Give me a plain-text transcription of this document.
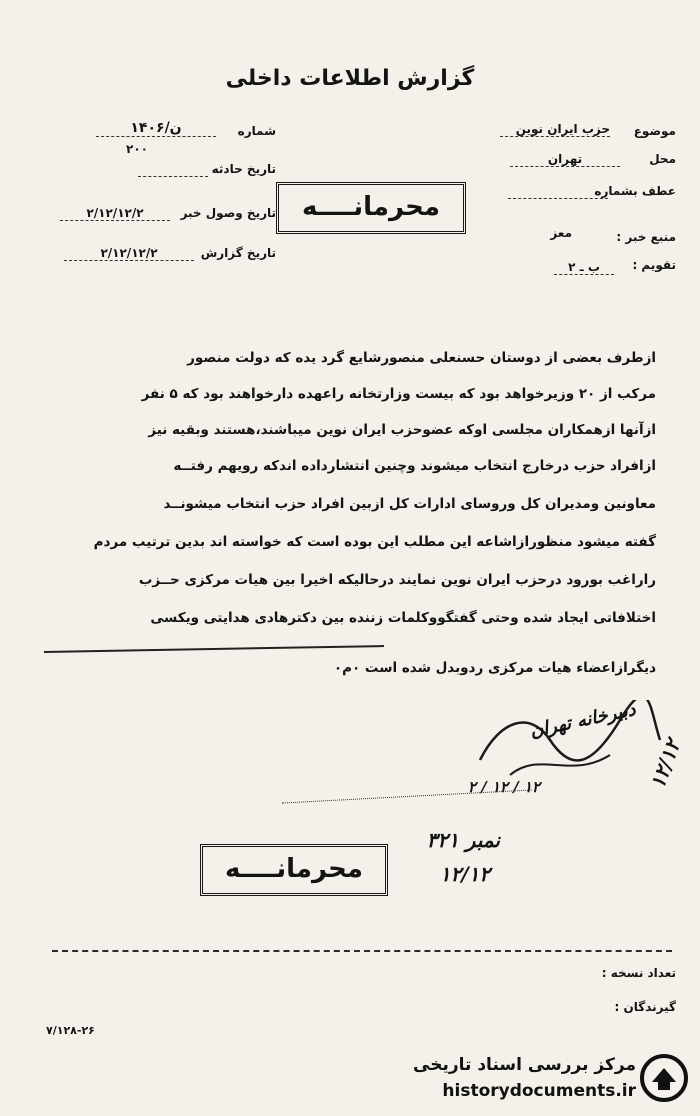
گزارش اطلاعات داخلی
موضوع
حزب ایران نوین
محل
تهران
عطف بشماره
منبع خبر :
معز
تقویم :
ب ـ ۲
شماره
ن/۱۴۰۶
۲۰۰
تاریخ حادثه
تاریخ وصول خبر
۲/۱۲/۱۲/۲
تاریخ گزارش
۲/۱۲/۱۲/۲
محرمانــــه
ازطرف بعضی از دوستان حسنعلی منصورشایع گرد یده که دولت منصور
مرکب از ۲۰ وزیرخواهد بود که بیست وزارتخانه راعهده دارخواهند بود که ۵ نفر
ازآنها ازهمکاران مجلسی اوکه عضوحزب ایران نوین میباشند،هستند وبقیه نیز
ازافراد حزب درخارج انتخاب میشوند وچنین انتشارداده اندکه رویهم رفتــه
معاونین ومدیران کل وروسای ادارات کل ازبین افراد حزب انتخاب میشونــد
گفته میشود منظورازاشاعه این مطلب این بوده است که خواسته اند بدین ترتیب مردم
راراغب بورود درحزب ایران نوین نمایند درحالیکه اخیرا بین هیات مرکزی حــزب
اختلافاتی ایجاد شده وحتی گفتگووکلمات زننده بین دکترهادی هدایتی ویکسی
دیگرازاعضاء هیات مرکزی ردوبدل شده است ۰م۰
دبیرخانه تهران
۱۲/۱۲
۲ / ۱۲ / ۱۲
نمبر ۳۲۱
۱۲/۱۲
محرمانــــه
تعداد نسخه :
گیرندگان :
۷/۱۲۸-۲۶
مرکز بررسی اسناد تاریخی
historydocuments.ir
